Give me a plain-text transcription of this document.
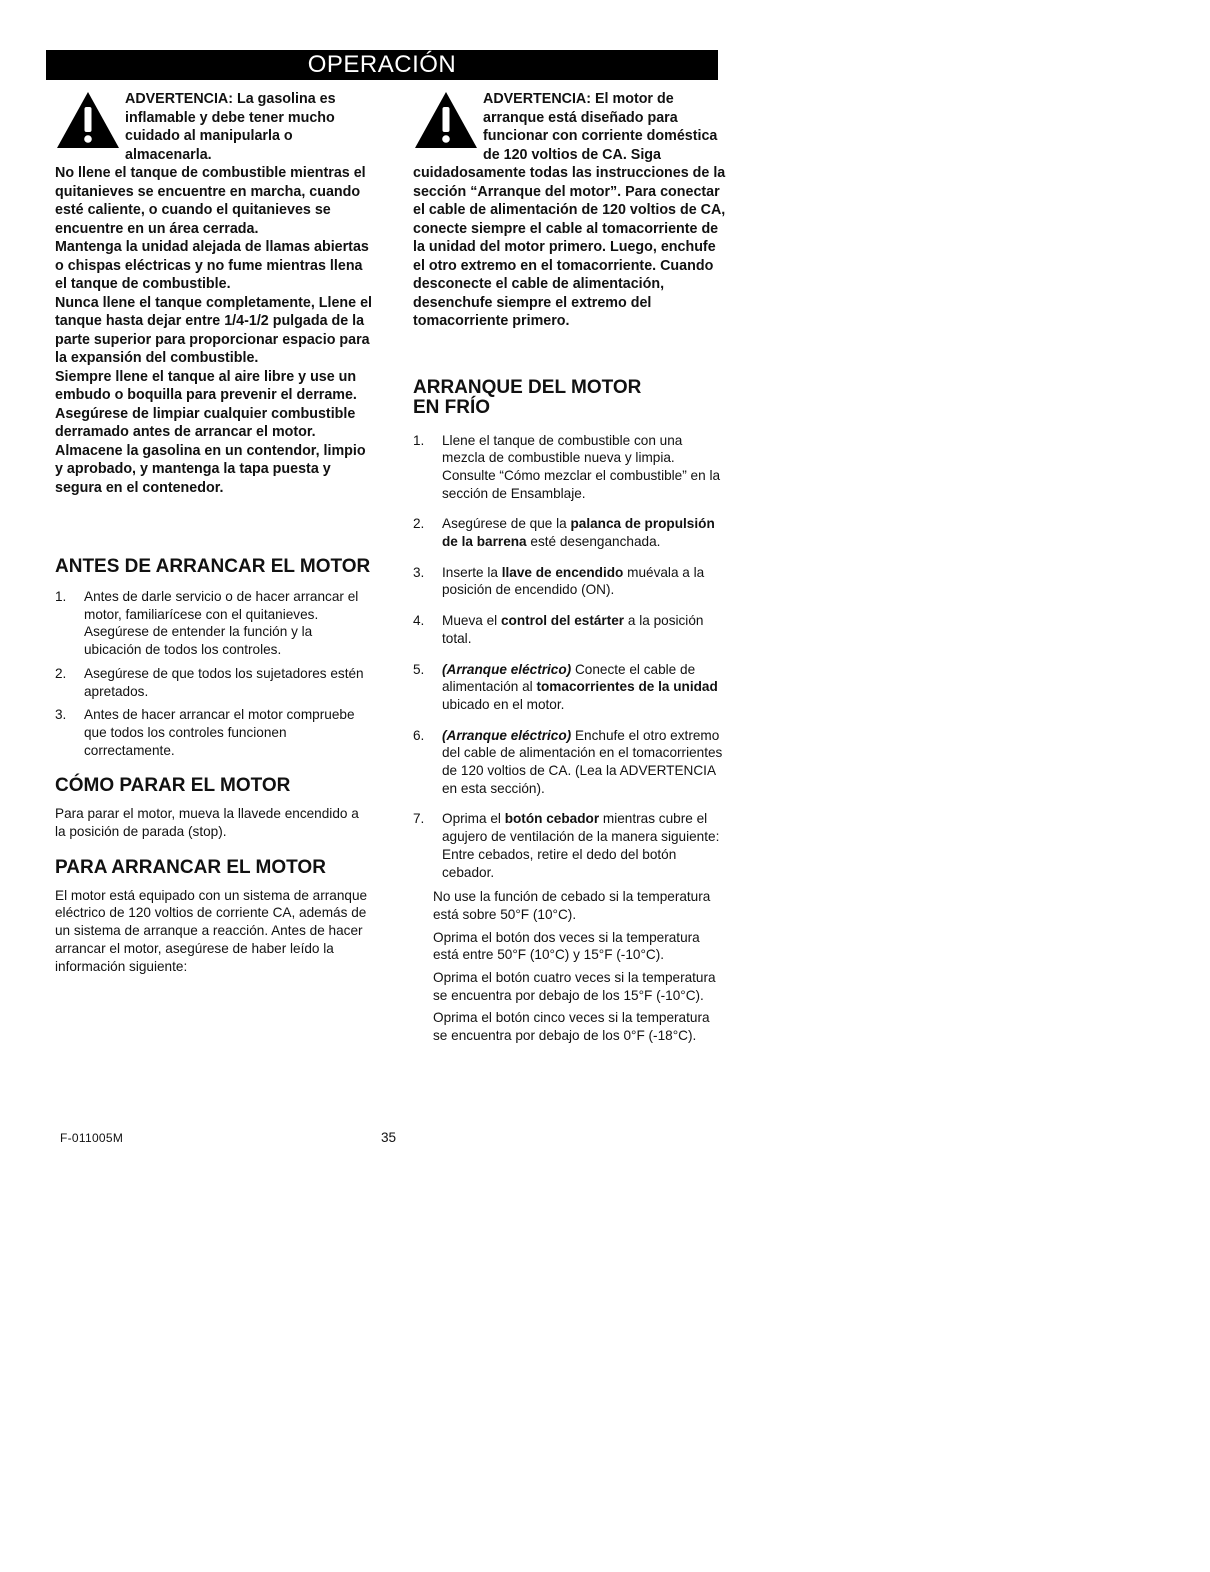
OPERACIÓN

ADVERTENCIA: La gasolina es inflamable y debe tener mucho cuidado al manipularla o almacenarla.

No llene el tanque de combustible mientras el quitanieves se encuentre en marcha, cuando esté caliente, o cuando el quitanieves se encuentre en un área cerrada.

Mantenga la unidad alejada de llamas abiertas o chispas eléctricas y no fume mientras llena el tanque de combustible.

Nunca llene el tanque completamente, Llene el tanque hasta dejar entre 1/4-1/2 pulgada de la parte superior para proporcionar espacio para la expansión del combustible.

Siempre llene el tanque al aire libre y use un embudo o boquilla para prevenir el derrame.

Asegúrese de limpiar cualquier combustible derramado antes de arrancar el motor.

Almacene la gasolina en un contendor, limpio y aprobado, y mantenga la tapa puesta y segura en el contenedor.

ANTES DE ARRANCAR EL MOTOR
1. Antes de darle servicio o de hacer arrancar el motor, familiarícese con el quitanieves. Asegúrese de entender la función y la ubicación de todos los controles.
2. Asegúrese de que todos los sujetadores estén apretados.
3. Antes de hacer arrancar el motor compruebe que todos los controles funcionen correctamente.
CÓMO PARAR EL MOTOR

Para parar el motor, mueva la llavede encendido a la posición de parada (stop).

PARA ARRANCAR EL MOTOR

El motor está equipado con un sistema de arranque eléctrico de 120 voltios de corriente CA, además de un sistema de arranque a reacción. Antes de hacer arrancar el motor, asegúrese de haber leído la información siguiente:

ADVERTENCIA: El motor de arranque está diseñado para funcionar con corriente doméstica de 120 voltios de CA. Siga cuidadosamente todas las instrucciones de la sección “Arranque del motor”. Para conectar el cable de alimentación de 120 voltios de CA, conecte siempre el cable al tomacorriente de la unidad del motor primero. Luego, enchufe el otro extremo en el tomacorriente. Cuando desconecte el cable de alimentación, desenchufe siempre el extremo del tomacorriente primero.

ARRANQUE DEL MOTOR
EN FRÍO
1. Llene el tanque de combustible con una mezcla de combustible nueva y limpia. Consulte “Cómo mezclar el combustible” en la sección de Ensamblaje.
2. Asegúrese de que la palanca de propulsión de la barrena esté desenganchada.
3. Inserte la llave de encendido muévala a la posición de encendido (ON).
4. Mueva el control del estárter a la posición total.
5. (Arranque eléctrico) Conecte el cable de alimentación al tomacorrientes de la unidad ubicado en el motor.
6. (Arranque eléctrico) Enchufe el otro extremo del cable de alimentación en el tomacorrientes de 120 voltios de CA. (Lea la ADVERTENCIA en esta sección).
7. Oprima el botón cebador mientras cubre el agujero de ventilación de la manera siguiente: Entre cebados, retire el dedo del botón cebador.

No use la función de cebado si la temperatura está sobre 50°F (10°C).

Oprima el botón dos veces si la temperatura está entre 50°F (10°C) y 15°F (-10°C).

Oprima el botón cuatro veces si la temperatura se encuentra por debajo de los 15°F (-10°C).

Oprima el botón cinco veces si la temperatura se encuentra por debajo de los 0°F (-18°C).

F-011005M	35
